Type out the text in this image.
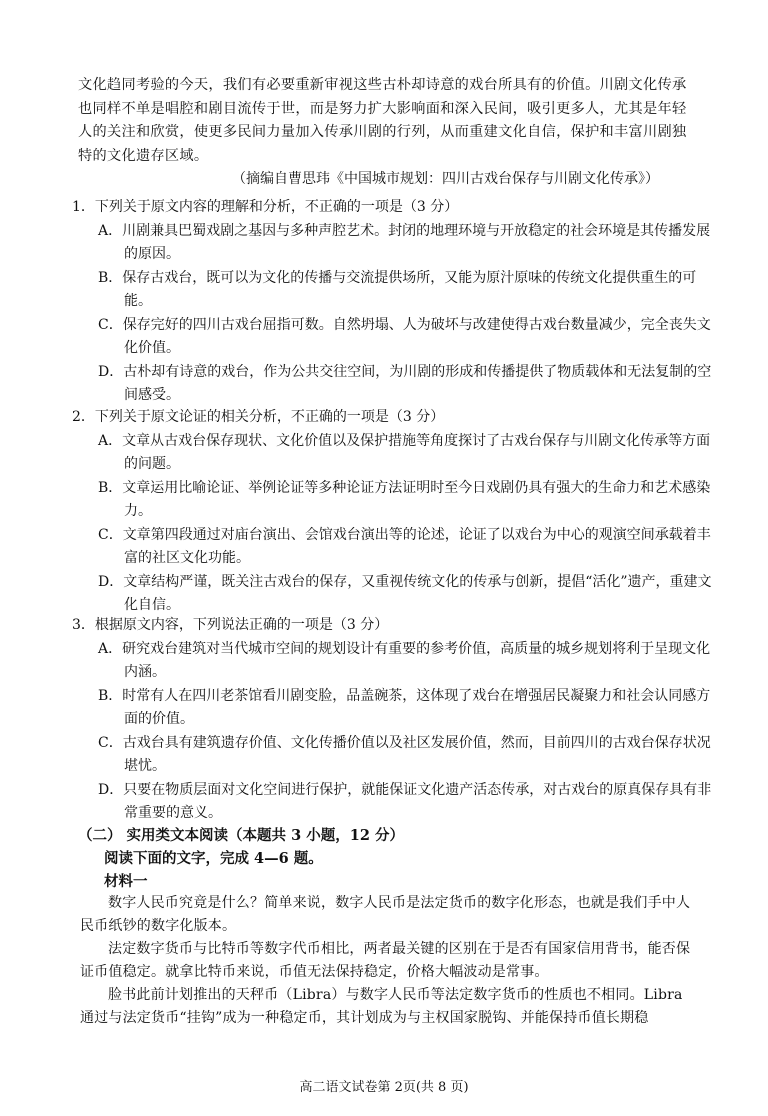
文化趋同考验的今天，我们有必要重新审视这些古朴却诗意的戏台所具有的价值。川剧文化传承也同样不单是唱腔和剧目流传于世，而是努力扩大影响面和深入民间，吸引更多人，尤其是年轻人的关注和欣赏，使更多民间力量加入传承川剧的行列，从而重建文化自信，保护和丰富川剧独特的文化遗存区域。
（摘编自曹思玮《中国城市规划：四川古戏台保存与川剧文化传承》）

1．下列关于原文内容的理解和分析，不正确的一项是（3 分）

A．川剧兼具巴蜀戏剧之基因与多种声腔艺术。封闭的地理环境与开放稳定的社会环境是其传播发展的原因。

B．保存古戏台，既可以为文化的传播与交流提供场所，又能为原汁原味的传统文化提供重生的可能。

C．保存完好的四川古戏台屈指可数。自然坍塌、人为破坏与改建使得古戏台数量减少，完全丧失文化价值。

D．古朴却有诗意的戏台，作为公共交往空间，为川剧的形成和传播提供了物质载体和无法复制的空间感受。

2．下列关于原文论证的相关分析，不正确的一项是（3 分）

A．文章从古戏台保存现状、文化价值以及保护措施等角度探讨了古戏台保存与川剧文化传承等方面的问题。

B．文章运用比喻论证、举例论证等多种论证方法证明时至今日戏剧仍具有强大的生命力和艺术感染力。

C．文章第四段通过对庙台演出、会馆戏台演出等的论述，论证了以戏台为中心的观演空间承载着丰富的社区文化功能。

D．文章结构严谨，既关注古戏台的保存，又重视传统文化的传承与创新，提倡“活化”遗产，重建文化自信。

3．根据原文内容，下列说法正确的一项是（3 分）

A．研究戏台建筑对当代城市空间的规划设计有重要的参考价值，高质量的城乡规划将利于呈现文化内涵。

B．时常有人在四川老茶馆看川剧变脸，品盖碗茶，这体现了戏台在增强居民凝聚力和社会认同感方面的价值。

C．古戏台具有建筑遗存价值、文化传播价值以及社区发展价值，然而，目前四川的古戏台保存状况堪忧。

D．只要在物质层面对文化空间进行保护，就能保证文化遗产活态传承，对古戏台的原真保存具有非常重要的意义。

（二） 实用类文本阅读（本题共 3 小题，12 分）
阅读下面的文字，完成 4—6 题。
材料一

数字人民币究竟是什么？简单来说，数字人民币是法定货币的数字化形态，也就是我们手中人民币纸钞的数字化版本。

法定数字货币与比特币等数字代币相比，两者最关键的区别在于是否有国家信用背书，能否保证币值稳定。就拿比特币来说，币值无法保持稳定，价格大幅波动是常事。

脸书此前计划推出的天秤币（Libra）与数字人民币等法定数字货币的性质也不相同。Libra 通过与法定货币“挂钩”成为一种稳定币，其计划成为与主权国家脱钩、并能保持币值长期稳

高二语文试卷第 2页(共 8 页)
